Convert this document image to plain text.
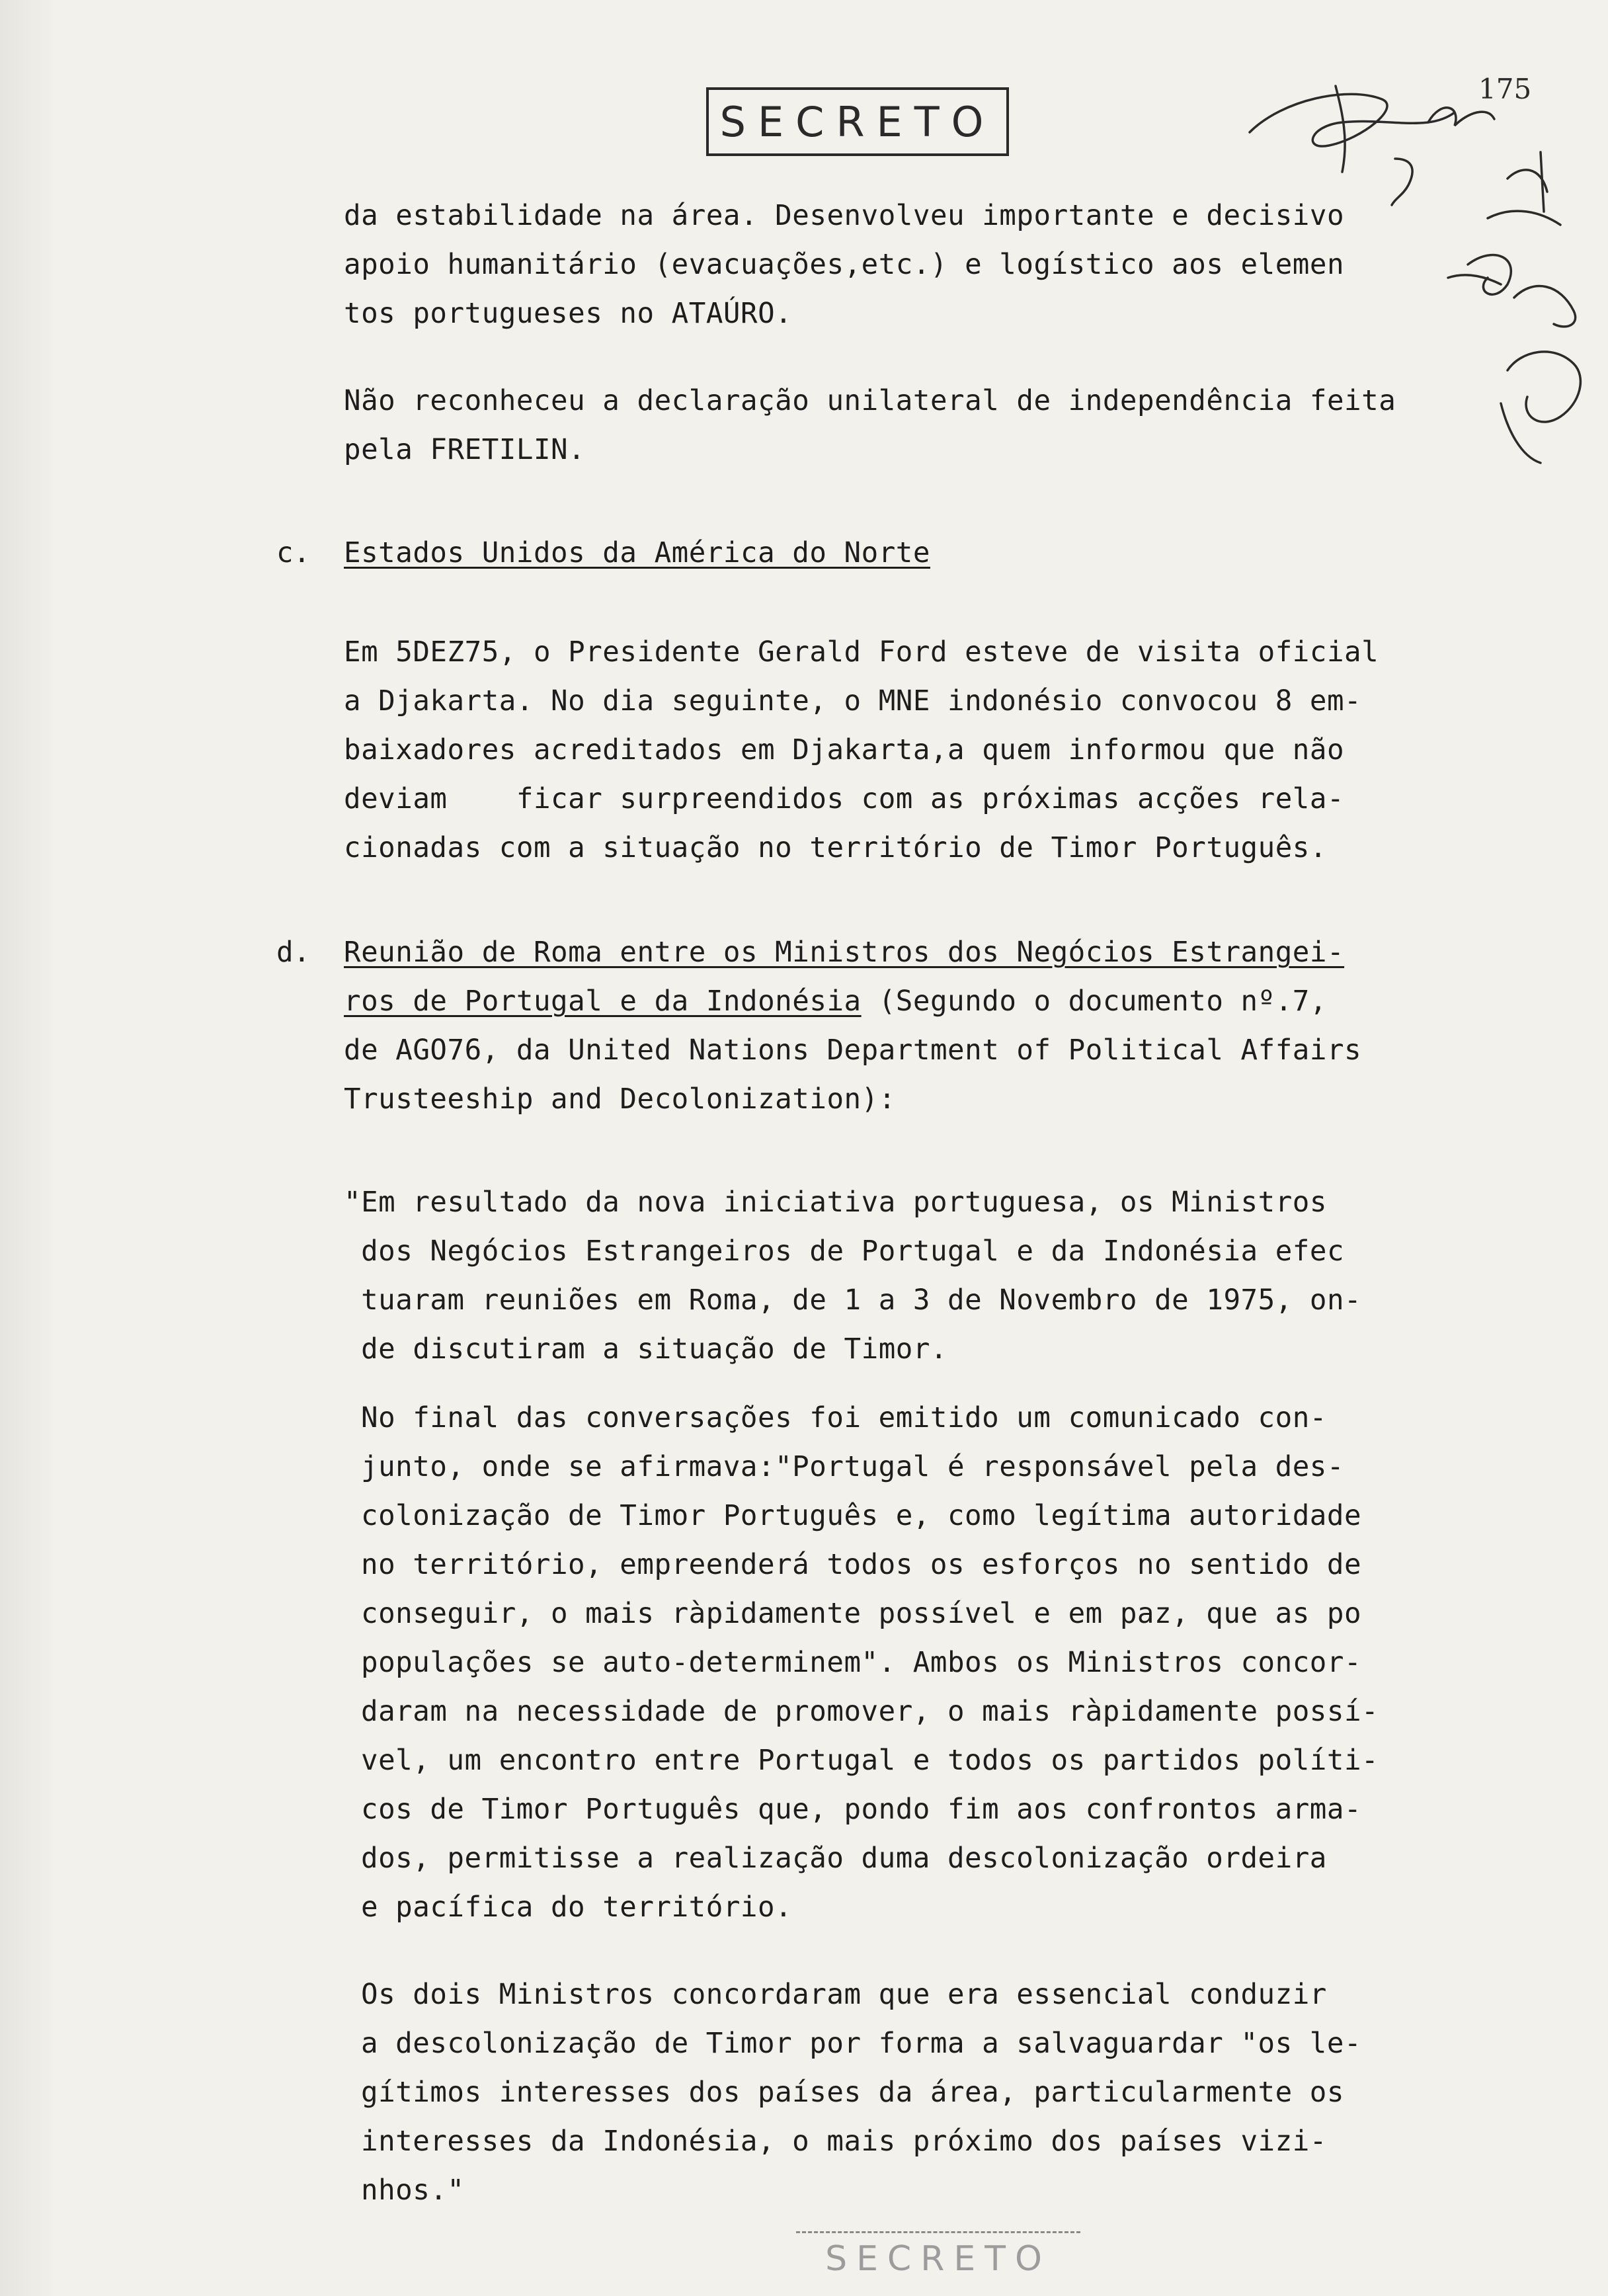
SECRETO
175
da estabilidade na área. Desenvolveu importante e decisivo
apoio humanitário (evacuações,etc.) e logístico aos elemen
tos portugueses no ATAÚRO.
Não reconheceu a declaração unilateral de independência feita
pela FRETILIN.
c. Estados Unidos da América do Norte
Em 5DEZ75, o Presidente Gerald Ford esteve de visita oficial
a Djakarta. No dia seguinte, o MNE indonésio convocou 8 em-
baixadores acreditados em Djakarta,a quem informou que não
deviam    ficar surpreendidos com as próximas acções rela-
cionadas com a situação no território de Timor Português.
d. Reunião de Roma entre os Ministros dos Negócios Estrangei-
ros de Portugal e da Indonésia (Segundo o documento nº.7,
de AGO76, da United Nations Department of Political Affairs
Trusteeship and Decolonization):
"Em resultado da nova iniciativa portuguesa, os Ministros
dos Negócios Estrangeiros de Portugal e da Indonésia efec
tuaram reuniões em Roma, de 1 a 3 de Novembro de 1975, on-
de discutiram a situação de Timor.
No final das conversações foi emitido um comunicado con-
junto, onde se afirmava:"Portugal é responsável pela des-
colonização de Timor Português e, como legítima autoridade
no território, empreenderá todos os esforços no sentido de
conseguir, o mais ràpidamente possível e em paz, que as po
populações se auto-determinem". Ambos os Ministros concor-
daram na necessidade de promover, o mais ràpidamente possí-
vel, um encontro entre Portugal e todos os partidos políti-
cos de Timor Português que, pondo fim aos confrontos arma-
dos, permitisse a realização duma descolonização ordeira
e pacífica do território.
Os dois Ministros concordaram que era essencial conduzir
a descolonização de Timor por forma a salvaguardar "os le-
gítimos interesses dos países da área, particularmente os
interesses da Indonésia, o mais próximo dos países vizi-
nhos."
SECRETO
